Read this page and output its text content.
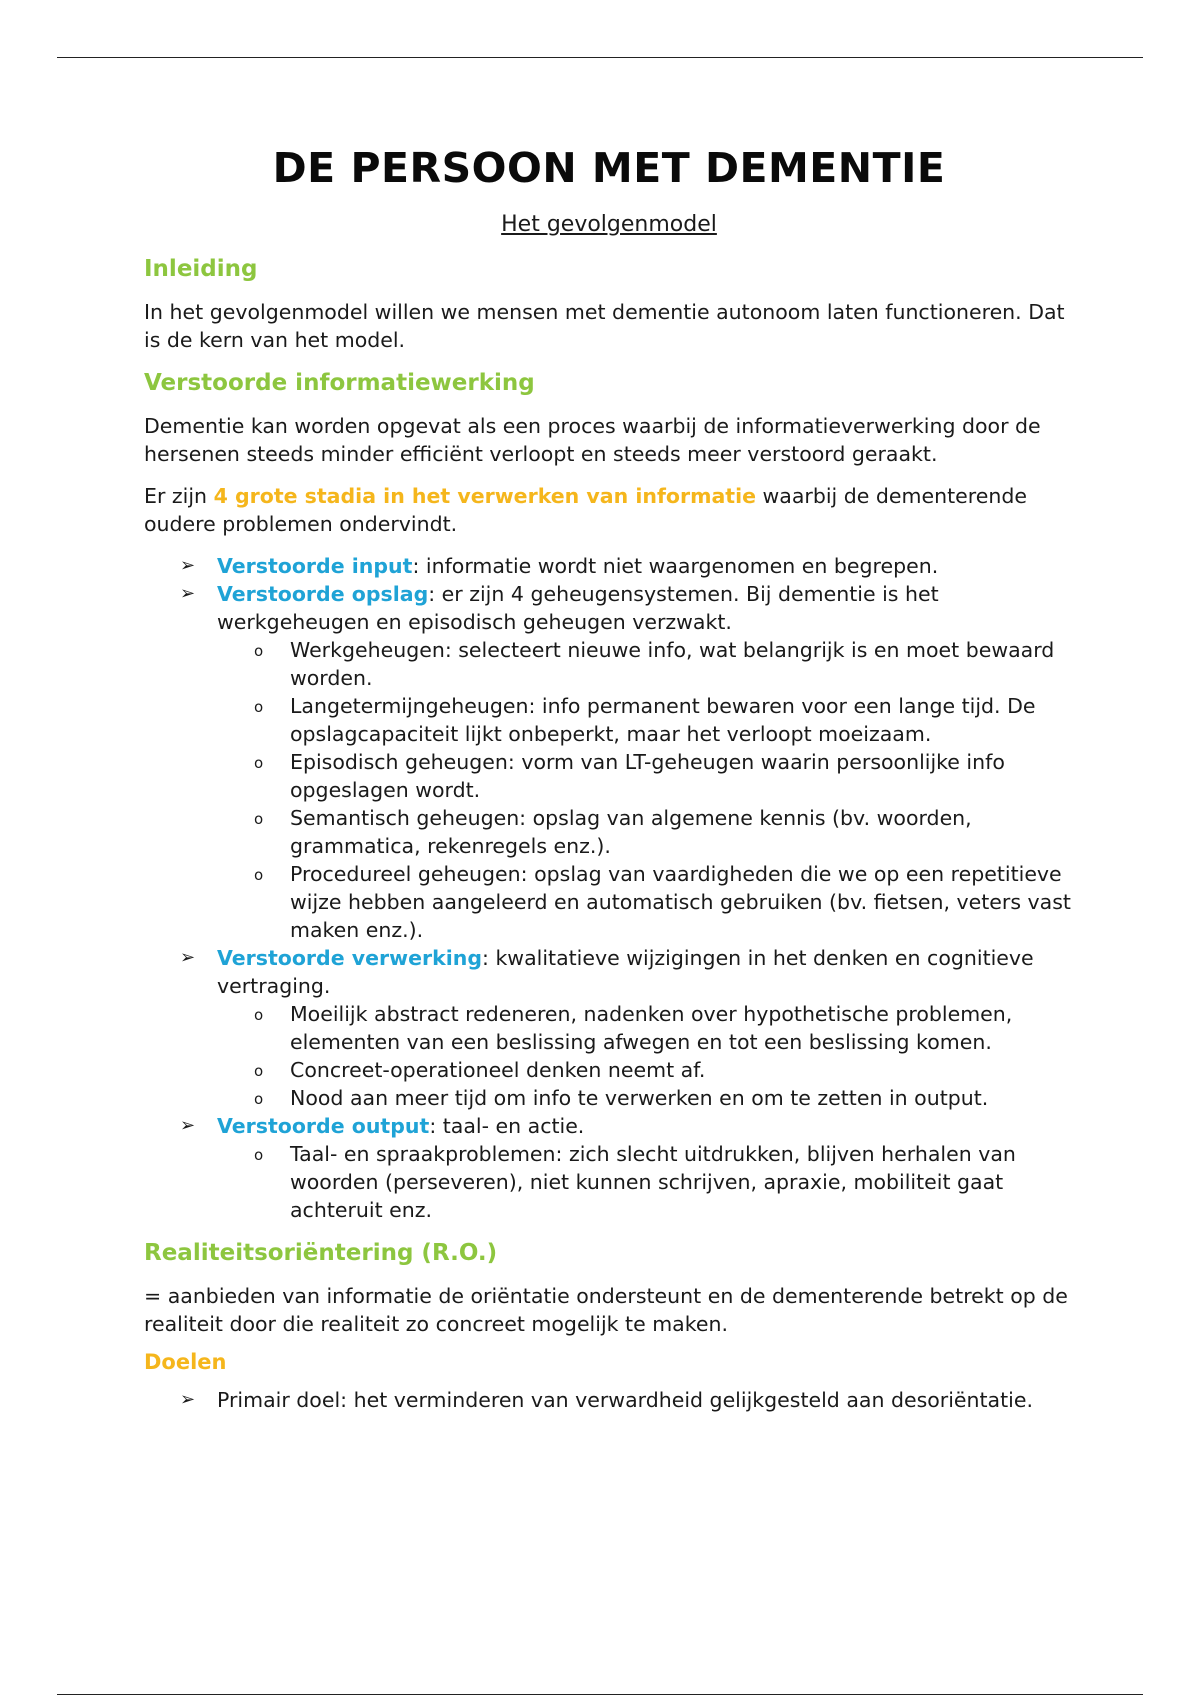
DE PERSOON MET DEMENTIE
Het gevolgenmodel
Inleiding

In het gevolgenmodel willen we mensen met dementie autonoom laten functioneren. Dat is de kern van het model.

Verstoorde informatiewerking

Dementie kan worden opgevat als een proces waarbij de informatieverwerking door de hersenen steeds minder efficiënt verloopt en steeds meer verstoord geraakt.

Er zijn 4 grote stadia in het verwerken van informatie waarbij de dementerende oudere problemen ondervindt.

➢ Verstoorde input: informatie wordt niet waargenomen en begrepen.
➢ Verstoorde opslag: er zijn 4 geheugensystemen. Bij dementie is het werkgeheugen en episodisch geheugen verzwakt.
o Werkgeheugen: selecteert nieuwe info, wat belangrijk is en moet bewaard worden.
o Langetermijngeheugen: info permanent bewaren voor een lange tijd. De opslagcapaciteit lijkt onbeperkt, maar het verloopt moeizaam.
o Episodisch geheugen: vorm van LT-geheugen waarin persoonlijke info opgeslagen wordt.
o Semantisch geheugen: opslag van algemene kennis (bv. woorden, grammatica, rekenregels enz.).
o Procedureel geheugen: opslag van vaardigheden die we op een repetitieve wijze hebben aangeleerd en automatisch gebruiken (bv. fietsen, veters vast maken enz.).
➢ Verstoorde verwerking: kwalitatieve wijzigingen in het denken en cognitieve vertraging.
o Moeilijk abstract redeneren, nadenken over hypothetische problemen, elementen van een beslissing afwegen en tot een beslissing komen.
o Concreet-operationeel denken neemt af.
o Nood aan meer tijd om info te verwerken en om te zetten in output.
➢ Verstoorde output: taal- en actie.
o Taal- en spraakproblemen: zich slecht uitdrukken, blijven herhalen van woorden (perseveren), niet kunnen schrijven, apraxie, mobiliteit gaat achteruit enz.
Realiteitsoriëntering (R.O.)

= aanbieden van informatie de oriëntatie ondersteunt en de dementerende betrekt op de realiteit door die realiteit zo concreet mogelijk te maken.

Doelen
➢ Primair doel: het verminderen van verwardheid gelijkgesteld aan desoriëntatie.
